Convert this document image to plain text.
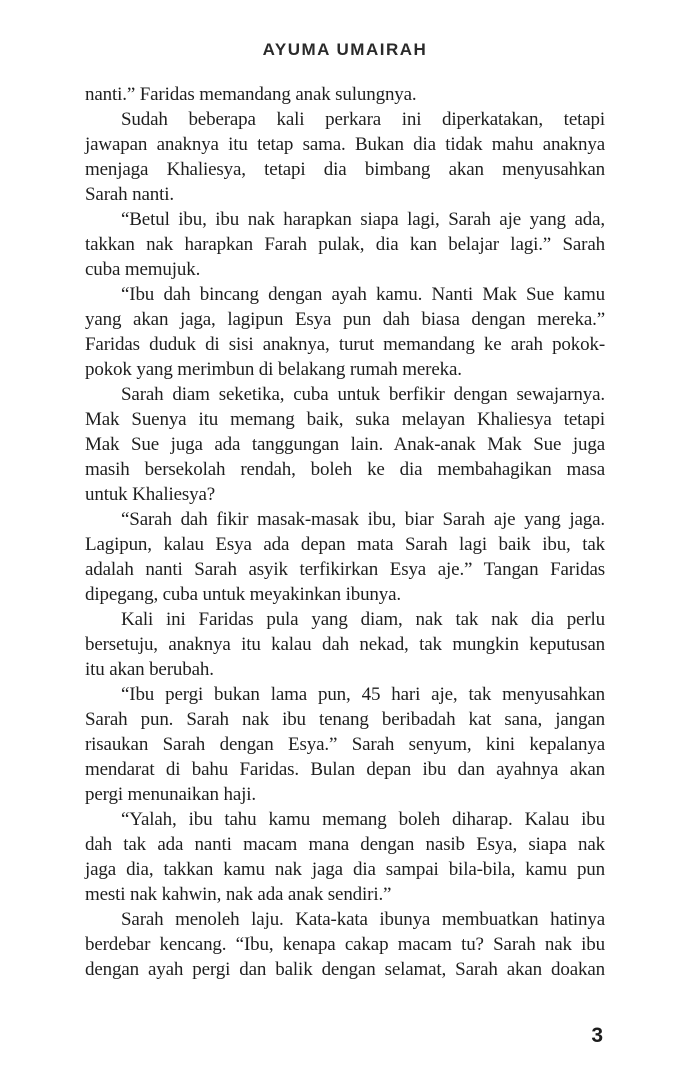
AYUMA UMAIRAH
nanti.” Faridas memandang anak sulungnya.
Sudah beberapa kali perkara ini diperkatakan, tetapi
jawapan anaknya itu tetap sama. Bukan dia tidak mahu anaknya
menjaga Khaliesya, tetapi dia bimbang akan menyusahkan
Sarah nanti.
“Betul ibu, ibu nak harapkan siapa lagi, Sarah aje yang ada,
takkan nak harapkan Farah pulak, dia kan belajar lagi.” Sarah
cuba memujuk.
“Ibu dah bincang dengan ayah kamu. Nanti Mak Sue kamu
yang akan jaga, lagipun Esya pun dah biasa dengan mereka.”
Faridas duduk di sisi anaknya, turut memandang ke arah pokok-
pokok yang merimbun di belakang rumah mereka.
Sarah diam seketika, cuba untuk berfikir dengan sewajarnya.
Mak Suenya itu memang baik, suka melayan Khaliesya tetapi
Mak Sue juga ada tanggungan lain. Anak-anak Mak Sue juga
masih bersekolah rendah, boleh ke dia membahagikan masa
untuk Khaliesya?
“Sarah dah fikir masak-masak ibu, biar Sarah aje yang jaga.
Lagipun, kalau Esya ada depan mata Sarah lagi baik ibu, tak
adalah nanti Sarah asyik terfikirkan Esya aje.” Tangan Faridas
dipegang, cuba untuk meyakinkan ibunya.
Kali ini Faridas pula yang diam, nak tak nak dia perlu
bersetuju, anaknya itu kalau dah nekad, tak mungkin keputusan
itu akan berubah.
“Ibu pergi bukan lama pun, 45 hari aje, tak menyusahkan
Sarah pun. Sarah nak ibu tenang beribadah kat sana, jangan
risaukan Sarah dengan Esya.” Sarah senyum, kini kepalanya
mendarat di bahu Faridas. Bulan depan ibu dan ayahnya akan
pergi menunaikan haji.
“Yalah, ibu tahu kamu memang boleh diharap. Kalau ibu
dah tak ada nanti macam mana dengan nasib Esya, siapa nak
jaga dia, takkan kamu nak jaga dia sampai bila-bila, kamu pun
mesti nak kahwin, nak ada anak sendiri.”
Sarah menoleh laju. Kata-kata ibunya membuatkan hatinya
berdebar kencang. “Ibu, kenapa cakap macam tu? Sarah nak ibu
dengan ayah pergi dan balik dengan selamat, Sarah akan doakan
3
